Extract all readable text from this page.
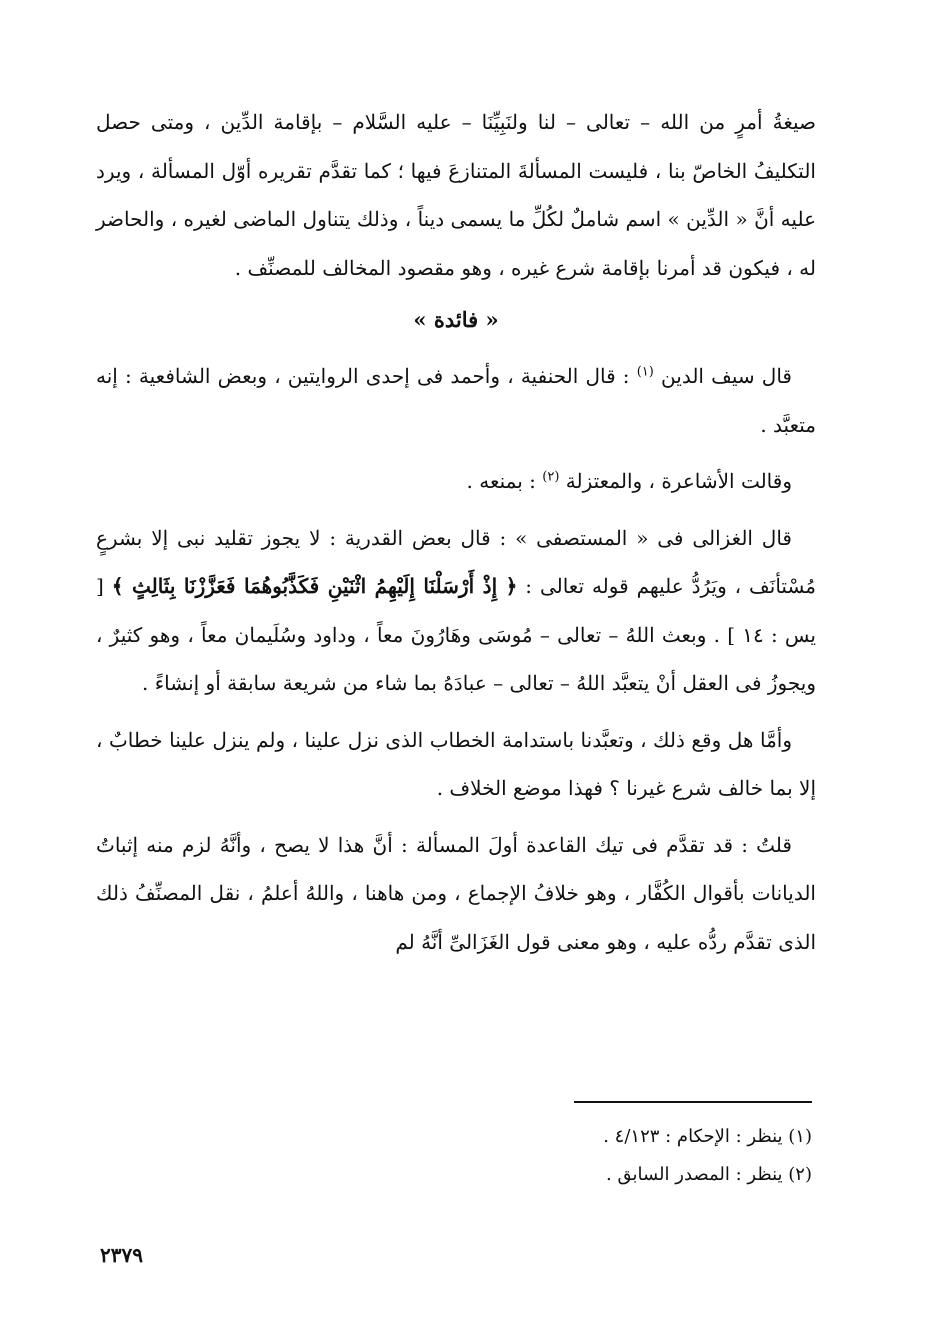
صيغةُ أمرٍ من الله – تعالى – لنا ولنَبِيِّنَا – عليه السَّلام – بإقامة الدِّين ، ومتى حصل التكليفُ الخاصّ بنا ، فليست المسألةَ المتنازعَ فيها ؛ كما تقدَّم تقريره أوّل المسألة ، ويرد عليه أنَّ « الدِّين » اسم شاملٌ لكُلِّ ما يسمى ديناً ، وذلك يتناول الماضى لغيره ، والحاضر له ، فيكون قد أمرنا بإقامة شرع غيره ، وهو مقصود المخالف للمصنِّف .

« فائدة »

قال سيف الدين $^{(١)}$ : قال الحنفية ، وأحمد فى إحدى الروايتين ، وبعض الشافعية : إنه متعبَّد .

وقالت الأشاعرة ، والمعتزلة $^{(٢)}$ : بمنعه .

قال الغزالى فى « المستصفى » : قال بعض القدرية : لا يجوز تقليد نبى إلا بشرعٍ مُسْتأنَف ، ويَرُدُّ عليهم قوله تعالى : ﴿ إِذْ أَرْسَلْنَا إِلَيْهِمُ اثْنَيْنِ فَكَذَّبُوهُمَا فَعَزَّزْنَا بِثَالِثٍ ﴾ [ يس : ١٤ ] . وبعث اللهُ – تعالى – مُوسَى وهَارُونَ معاً ، وداود وسُلَيمان معاً ، وهو كثيرٌ ، ويجوزُ فى العقل أنْ يتعبَّد اللهُ – تعالى – عبادَهُ بما شاء من شريعة سابقة أو إنشاءً .

وأمَّا هل وقع ذلك ، وتعبَّدنا باستدامة الخطاب الذى نزل علينا ، ولم ينزل علينا خطابٌ ، إلا بما خالف شرع غيرنا ؟ فهذا موضع الخلاف .

قلتُ : قد تقدَّم فى تيك القاعدة أولَ المسألة : أنَّ هذا لا يصح ، وأنَّهُ لزم منه إثباتُ الديانات بأقوال الكُفَّار ، وهو خلافُ الإجماع ، ومن هاهنا ، واللهُ أعلمُ ، نقل المصنِّفُ ذلك الذى تقدَّم ردُّه عليه ، وهو معنى قول الغَزَالىِّ أنَّهُ لم

(١) ينظر : الإحكام : ٤/١٢٣ .

(٢) ينظر : المصدر السابق .

٢٣٧٩
